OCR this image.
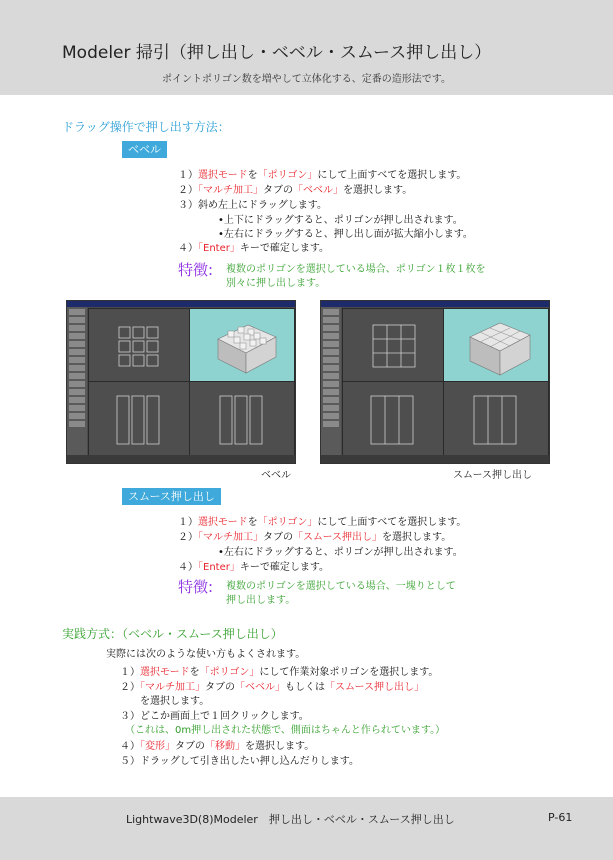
Modeler 掃引（押し出し・ベベル・スムース押し出し）
ポイントポリゴン数を増やして立体化する、定番の造形法です。
ドラッグ操作で押し出す方法：
ベベル
１）選択モードを「ポリゴン」にして上面すべてを選択します。
２）「マルチ加工」タブの「ベベル」を選択します。
３）斜め左上にドラッグします。
　　　　•上下にドラッグすると、ポリゴンが押し出されます。
　　　　•左右にドラッグすると、押し出し面が拡大縮小します。
４）「Enter」キーで確定します。
特徴: 複数のポリゴンを選択している場合、ポリゴン１枚１枚を
別々に押し出します。
ベベル	スムース押し出し
スムース押し出し
１）選択モードを「ポリゴン」にして上面すべてを選択します。
２）「マルチ加工」タブの「スムース押出し」を選択します。
　　　　•左右にドラッグすると、ポリゴンが押し出されます。
４）「Enter」キーで確定します。
特徴: 複数のポリゴンを選択している場合、一塊りとして
押し出します。
実践方式：（ベベル・スムース押し出し）
実際には次のような使い方もよくされます。
１）選択モードを「ポリゴン」にして作業対象ポリゴンを選択します。
２）「マルチ加工」タブの「ベベル」もしくは「スムース押し出し」
　　を選択します。
３）どこか画面上で１回クリックします。
　（これは、0m押し出された状態で、側面はちゃんと作られています。）
４）「変形」タブの「移動」を選択します。
５）ドラッグして引き出したい押し込んだりします。
Lightwave3D(8)Modeler　押し出し・ベベル・スムース押し出し	P-61
